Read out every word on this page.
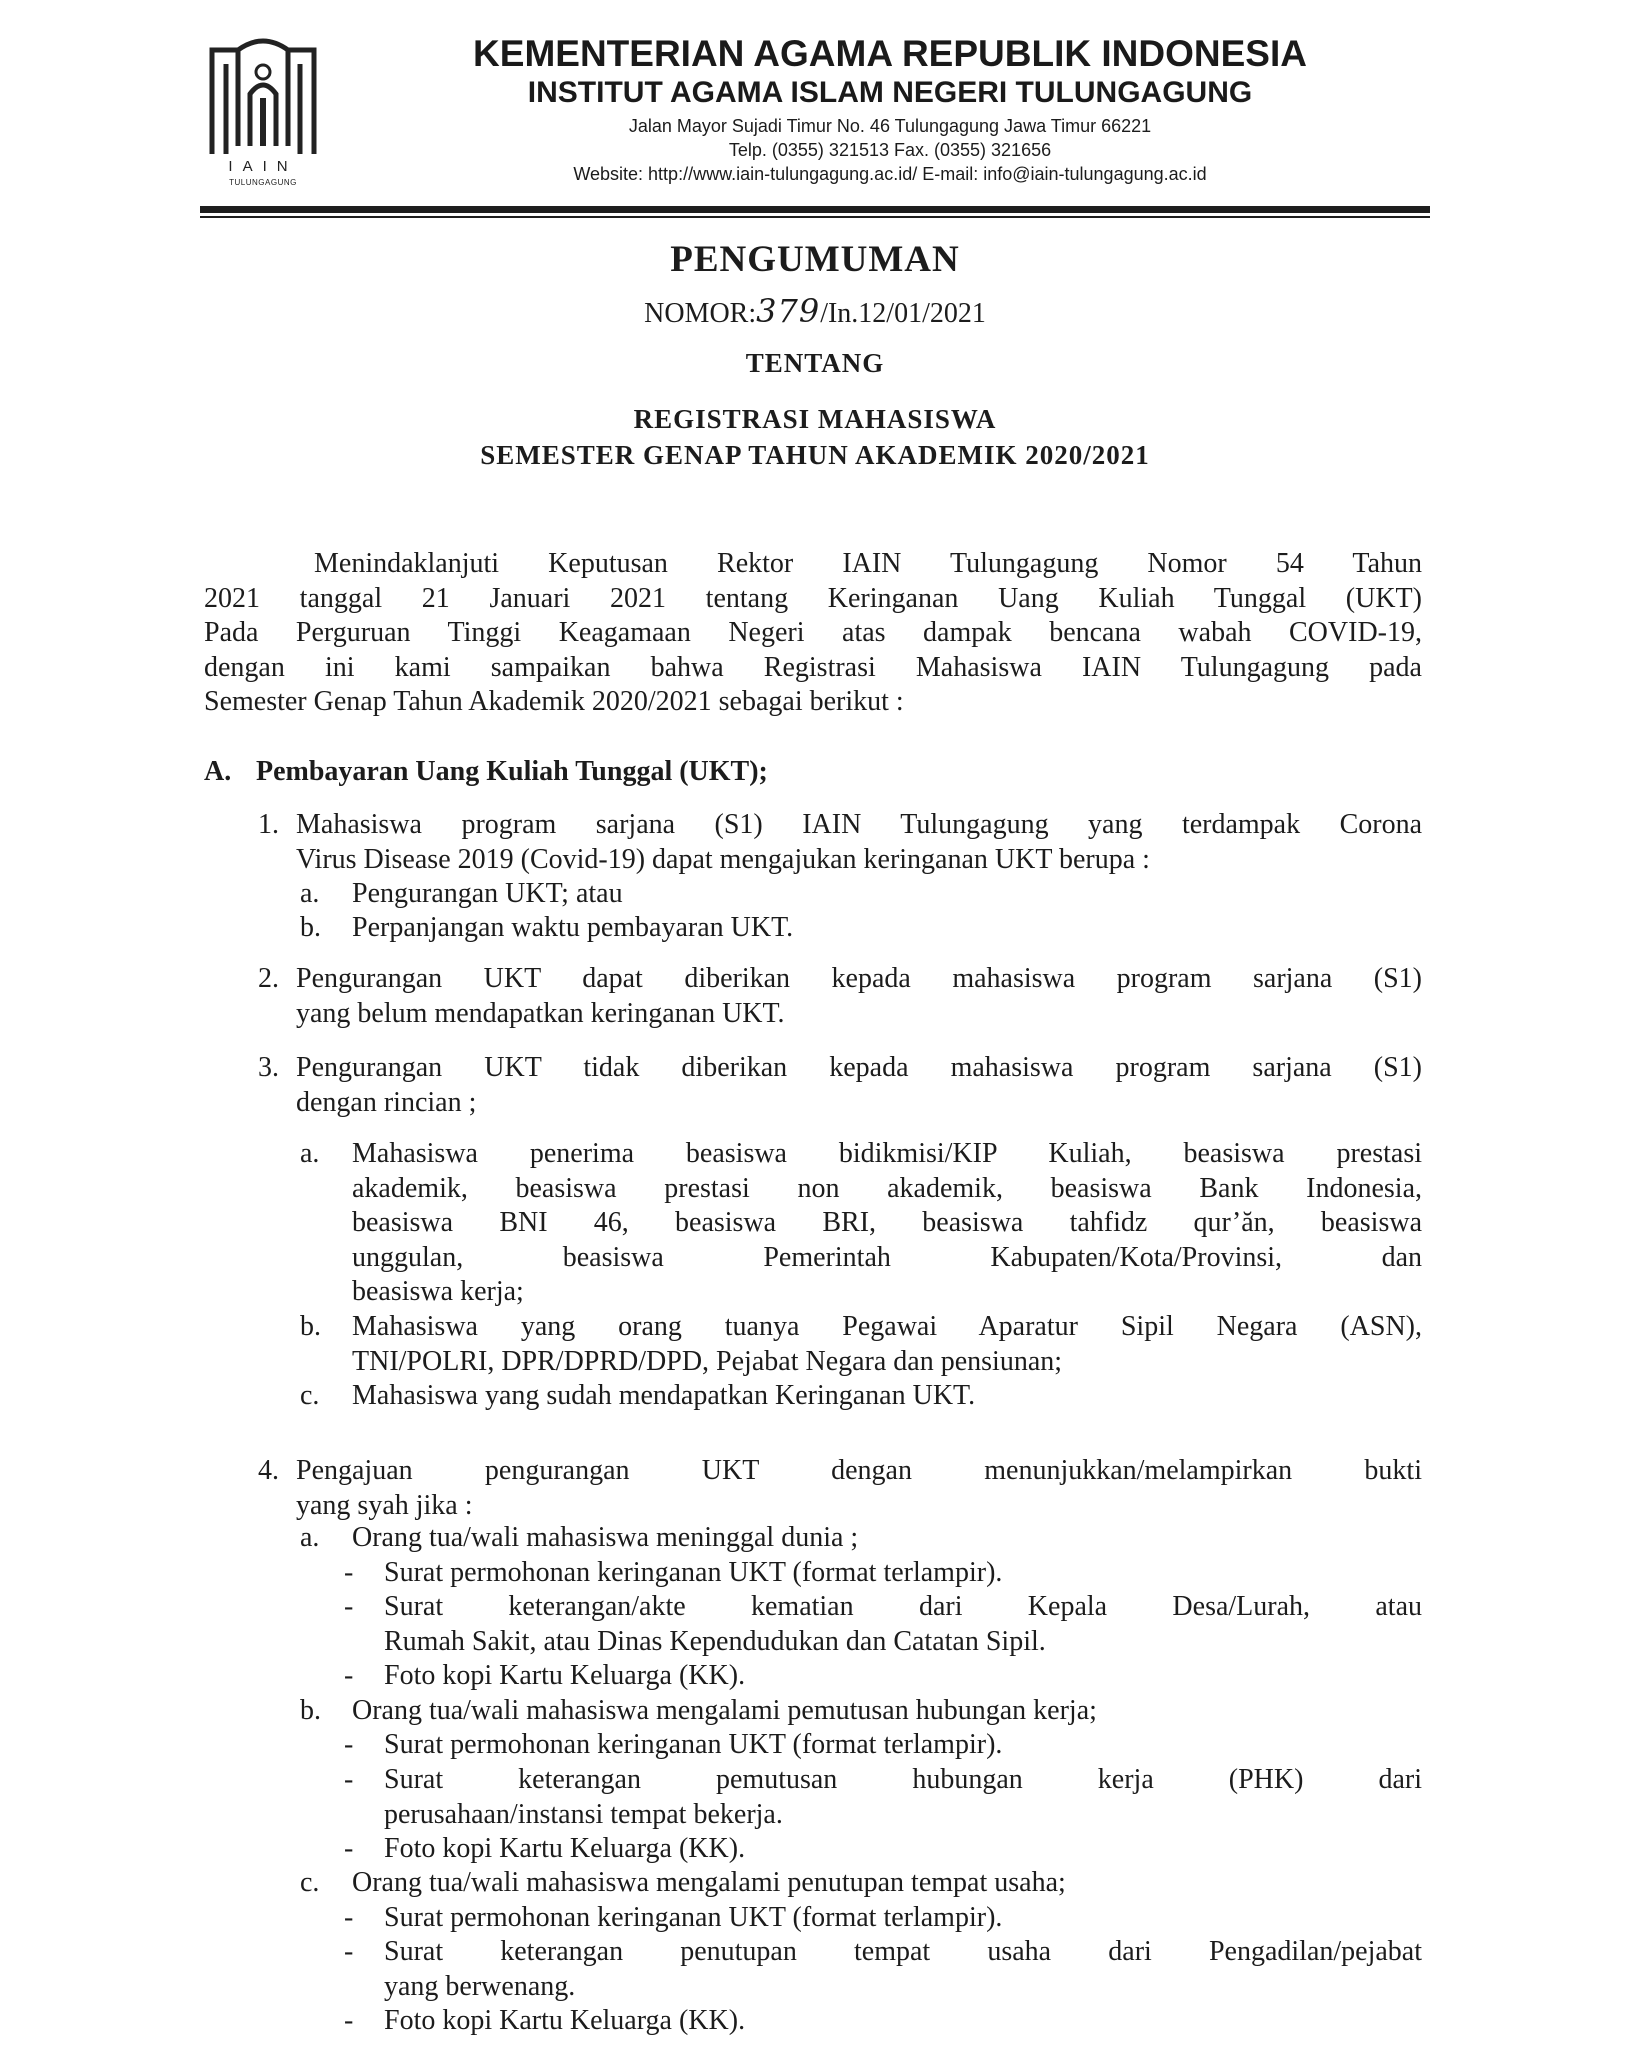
IAIN
TULUNGAGUNG
KEMENTERIAN AGAMA REPUBLIK INDONESIA
INSTITUT AGAMA ISLAM NEGERI TULUNGAGUNG
Jalan Mayor Sujadi Timur No. 46 Tulungagung Jawa Timur 66221
Telp. (0355) 321513 Fax. (0355) 321656
Website: http://www.iain-tulungagung.ac.id/ E-mail: info@iain-tulungagung.ac.id
PENGUMUMAN
NOMOR:379/In.12/01/2021
TENTANG
REGISTRASI MAHASISWA
SEMESTER GENAP TAHUN AKADEMIK 2020/2021
Menindaklanjuti Keputusan Rektor IAIN Tulungagung Nomor 54 Tahun
2021 tanggal 21 Januari 2021 tentang Keringanan Uang Kuliah Tunggal (UKT)
Pada Perguruan Tinggi Keagamaan Negeri atas dampak bencana wabah COVID-19,
dengan ini kami sampaikan bahwa Registrasi Mahasiswa IAIN Tulungagung pada
Semester Genap Tahun Akademik 2020/2021 sebagai berikut :
A. Pembayaran Uang Kuliah Tunggal (UKT);
1. Mahasiswa program sarjana (S1) IAIN Tulungagung yang terdampak Corona
Virus Disease 2019 (Covid-19) dapat mengajukan keringanan UKT berupa :
a. Pengurangan UKT; atau
b. Perpanjangan waktu pembayaran UKT.
2. Pengurangan UKT dapat diberikan kepada mahasiswa program sarjana (S1)
yang belum mendapatkan keringanan UKT.
3. Pengurangan UKT tidak diberikan kepada mahasiswa program sarjana (S1)
dengan rincian ;
a. Mahasiswa penerima beasiswa bidikmisi/KIP Kuliah, beasiswa prestasi
akademik, beasiswa prestasi non akademik, beasiswa Bank Indonesia,
beasiswa BNI 46, beasiswa BRI, beasiswa tahfidz qur’ăn, beasiswa
unggulan, beasiswa Pemerintah Kabupaten/Kota/Provinsi, dan
beasiswa kerja;
b. Mahasiswa yang orang tuanya Pegawai Aparatur Sipil Negara (ASN),
TNI/POLRI, DPR/DPRD/DPD, Pejabat Negara dan pensiunan;
c. Mahasiswa yang sudah mendapatkan Keringanan UKT.
4. Pengajuan pengurangan UKT dengan menunjukkan/melampirkan bukti
yang syah jika :
a. Orang tua/wali mahasiswa meninggal dunia ;
- Surat permohonan keringanan UKT (format terlampir).
- Surat keterangan/akte kematian dari Kepala Desa/Lurah, atau
Rumah Sakit, atau Dinas Kependudukan dan Catatan Sipil.
- Foto kopi Kartu Keluarga (KK).
b. Orang tua/wali mahasiswa mengalami pemutusan hubungan kerja;
- Surat permohonan keringanan UKT (format terlampir).
- Surat keterangan pemutusan hubungan kerja (PHK) dari
perusahaan/instansi tempat bekerja.
- Foto kopi Kartu Keluarga (KK).
c. Orang tua/wali mahasiswa mengalami penutupan tempat usaha;
- Surat permohonan keringanan UKT (format terlampir).
- Surat keterangan penutupan tempat usaha dari Pengadilan/pejabat
yang berwenang.
- Foto kopi Kartu Keluarga (KK).
